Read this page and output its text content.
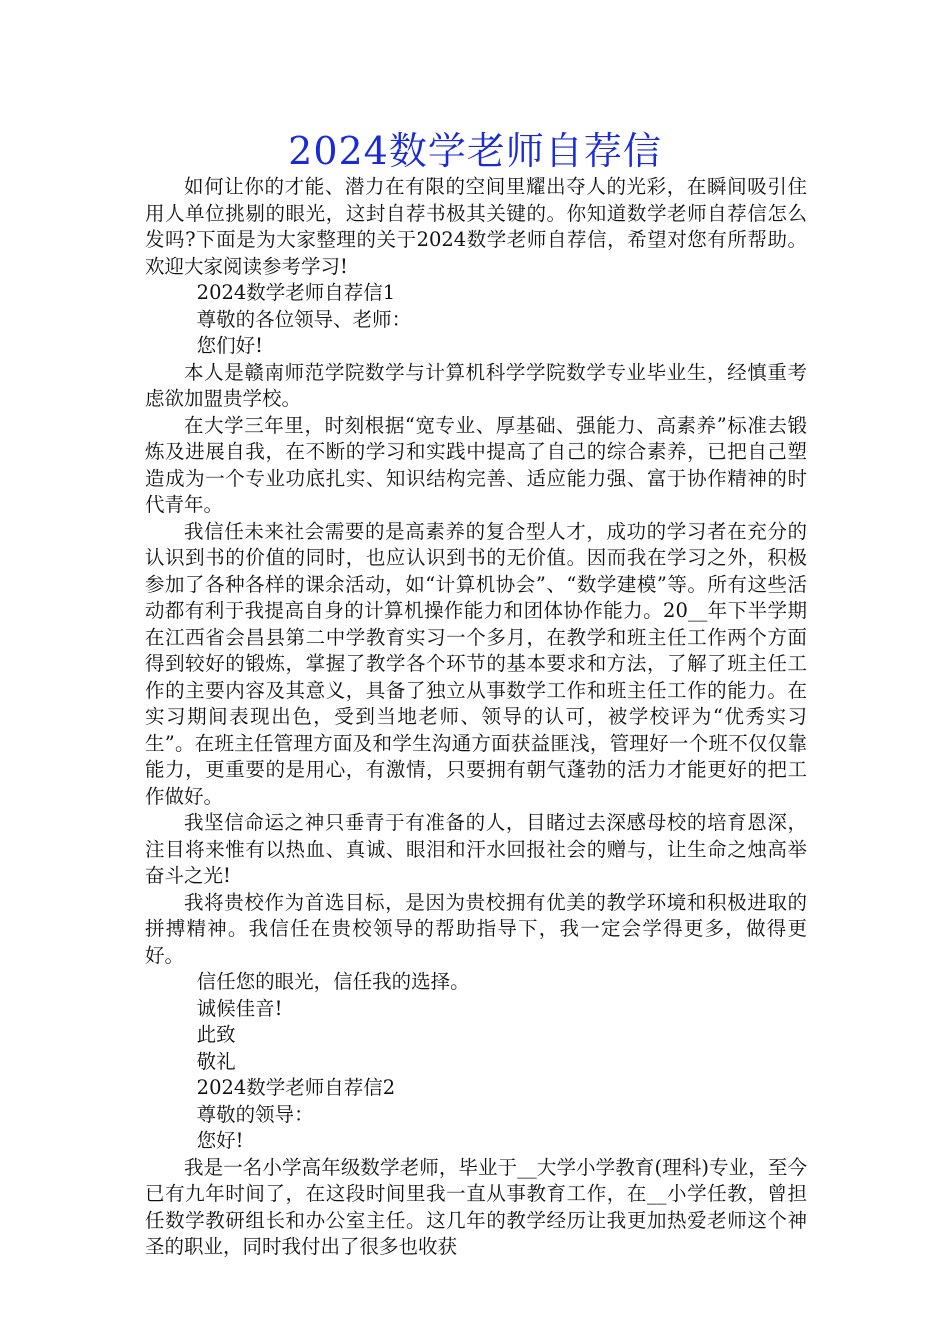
2024数学老师自荐信

如何让你的才能、潜力在有限的空间里耀出夺人的光彩，在瞬间吸引住用人单位挑剔的眼光，这封自荐书极其关键的。你知道数学老师自荐信怎么发吗?下面是为大家整理的关于2024数学老师自荐信，希望对您有所帮助。欢迎大家阅读参考学习!

2024数学老师自荐信1

尊敬的各位领导、老师：

您们好!

本人是赣南师范学院数学与计算机科学学院数学专业毕业生，经慎重考虑欲加盟贵学校。

在大学三年里，时刻根据“宽专业、厚基础、强能力、高素养”标准去锻炼及进展自我，在不断的学习和实践中提高了自己的综合素养，已把自己塑造成为一个专业功底扎实、知识结构完善、适应能力强、富于协作精神的时代青年。

我信任未来社会需要的是高素养的复合型人才，成功的学习者在充分的认识到书的价值的同时，也应认识到书的无价值。因而我在学习之外，积极参加了各种各样的课余活动，如“计算机协会”、“数学建模”等。所有这些活动都有利于我提高自身的计算机操作能力和团体协作能力。20__年下半学期在江西省会昌县第二中学教育实习一个多月，在教学和班主任工作两个方面得到较好的锻炼，掌握了教学各个环节的基本要求和方法，了解了班主任工作的主要内容及其意义，具备了独立从事数学工作和班主任工作的能力。在实习期间表现出色，受到当地老师、领导的认可，被学校评为“优秀实习生”。在班主任管理方面及和学生沟通方面获益匪浅，管理好一个班不仅仅靠能力，更重要的是用心，有激情，只要拥有朝气蓬勃的活力才能更好的把工作做好。

我坚信命运之神只垂青于有准备的人，目睹过去深感母校的培育恩深，注目将来惟有以热血、真诚、眼泪和汗水回报社会的赠与，让生命之烛高举奋斗之光!

我将贵校作为首选目标，是因为贵校拥有优美的教学环境和积极进取的拼搏精神。我信任在贵校领导的帮助指导下，我一定会学得更多，做得更好。

信任您的眼光，信任我的选择。

诚候佳音!

此致

敬礼

2024数学老师自荐信2

尊敬的领导：

您好!

我是一名小学高年级数学老师，毕业于__大学小学教育(理科)专业，至今已有九年时间了，在这段时间里我一直从事教育工作，在__小学任教，曾担任数学教研组长和办公室主任。这几年的教学经历让我更加热爱老师这个神圣的职业，同时我付出了很多也收获
